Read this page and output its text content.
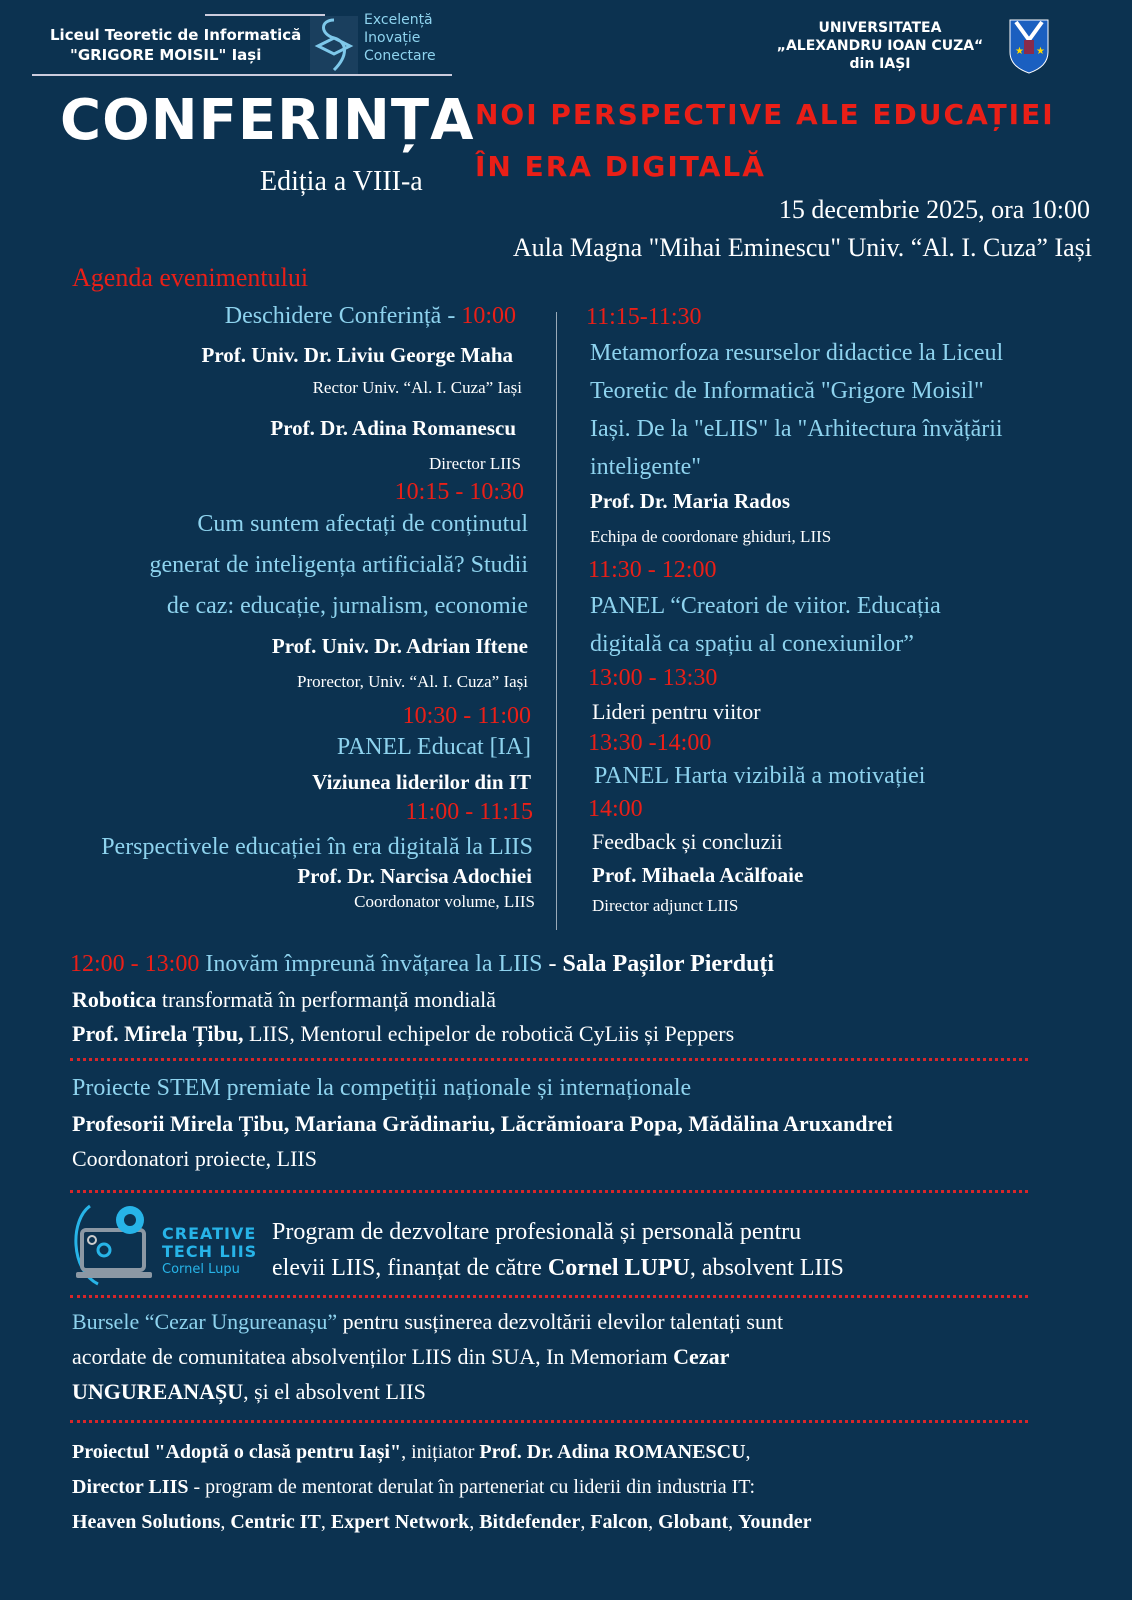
Liceul Teoretic de Informatică
"GRIGORE MOISIL" Iași
Excelență
Inovație
Conectare
UNIVERSITATEA
„ALEXANDRU IOAN CUZA“
din IAȘI
★ ★
CONFERINȚA
Ediția a VIII-a
NOI PERSPECTIVE ALE EDUCAȚIEI
ÎN ERA DIGITALĂ
15 decembrie 2025, ora 10:00
Aula Magna "Mihai Eminescu" Univ. “Al. I. Cuza” Iași
Agenda evenimentului
Deschidere Conferință - 10:00
Prof. Univ. Dr. Liviu George Maha
Rector Univ. “Al. I. Cuza” Iași
Prof. Dr. Adina Romanescu
Director LIIS
10:15 - 10:30
Cum suntem afectați de conținutul
generat de inteligența artificială? Studii
de caz: educație, jurnalism, economie
Prof. Univ. Dr. Adrian Iftene
Prorector, Univ. “Al. I. Cuza” Iași
10:30 - 11:00
PANEL Educat [IA]
Viziunea liderilor din IT
11:00 - 11:15
Perspectivele educației în era digitală la LIIS
Prof. Dr. Narcisa Adochiei
Coordonator volume, LIIS
11:15-11:30
Metamorfoza resurselor didactice la Liceul
Teoretic de Informatică "Grigore Moisil"
Iași. De la "eLIIS" la "Arhitectura învățării
inteligente"
Prof. Dr. Maria Rados
Echipa de coordonare ghiduri, LIIS
11:30 - 12:00
PANEL “Creatori de viitor. Educația
digitală ca spațiu al conexiunilor”
13:00 - 13:30
Lideri pentru viitor
13:30 -14:00
PANEL Harta vizibilă a motivației
14:00
Feedback și concluzii
Prof. Mihaela Acălfoaie
Director adjunct LIIS
12:00 - 13:00 Inovăm împreună învățarea la LIIS - Sala Pașilor Pierduți
Robotica transformată în performanță mondială
Prof. Mirela Țibu, LIIS, Mentorul echipelor de robotică CyLiis și Peppers
Proiecte STEM premiate la competiții naționale și internaționale
Profesorii Mirela Țibu, Mariana Grădinariu, Lăcrămioara Popa, Mădălina Aruxandrei
Coordonatori proiecte, LIIS
CREATIVE
TECH LIIS
Cornel Lupu
Program de dezvoltare profesională și personală pentru
elevii LIIS, finanțat de către Cornel LUPU, absolvent LIIS
Bursele “Cezar Ungureanașu” pentru susținerea dezvoltării elevilor talentați sunt
acordate de comunitatea absolvenților LIIS din SUA, In Memoriam Cezar
UNGUREANAȘU, și el absolvent LIIS
Proiectul "Adoptă o clasă pentru Iași", inițiator Prof. Dr. Adina ROMANESCU,
Director LIIS - program de mentorat derulat în parteneriat cu liderii din industria IT:
Heaven Solutions, Centric IT, Expert Network, Bitdefender, Falcon, Globant, Younder
